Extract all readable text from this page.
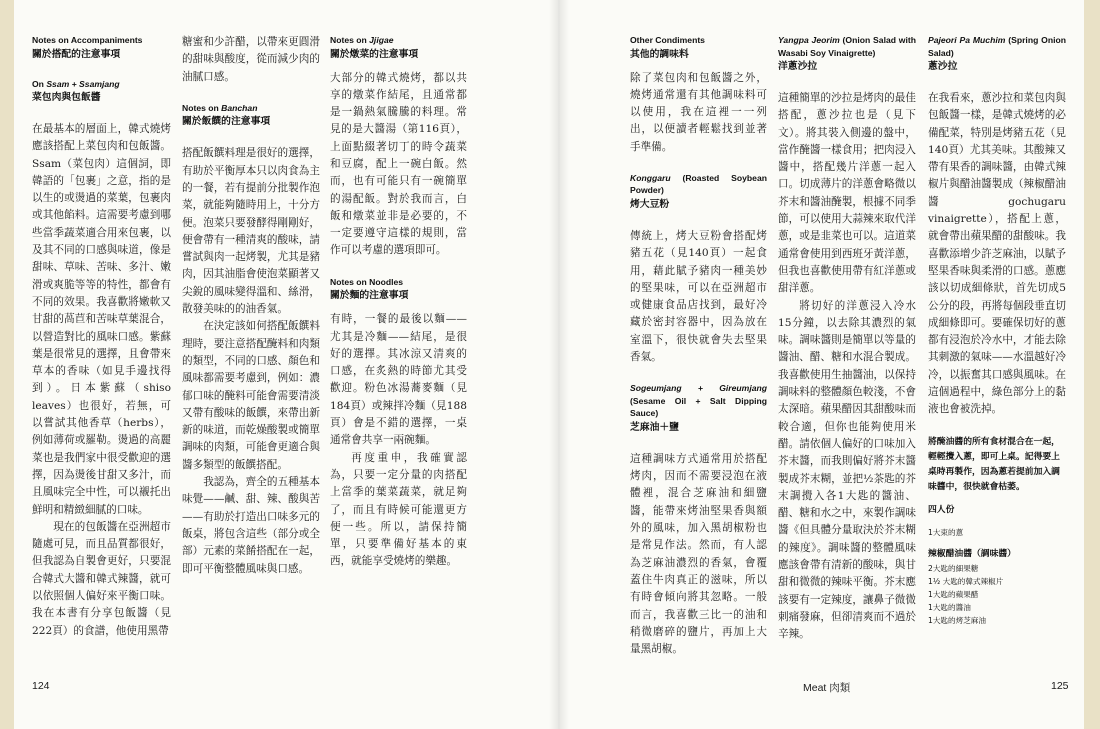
Notes on Accompaniments
關於搭配的注意事項
On Ssam + Ssamjang
菜包肉與包飯醬

在最基本的層面上，韓式燒烤應該搭配上菜包肉和包飯醬。Ssam（菜包肉）這個詞，即韓語的「包裹」之意，指的是以生的或燙過的菜葉，包裹肉或其他餡料。這需要考慮到哪些當季蔬菜適合用來包裹，以及其不同的口感與味道，像是甜味、草味、苦味、多汁、嫩滑或爽脆等等的特性，都會有不同的效果。我喜歡將嫩軟又甘甜的萵苣和苦味草葉混合，以營造對比的風味口感。紫蘇葉是很常見的選擇，且會帶來草本的香味（如見手邊找得到）。日本紫蘇（shiso leaves）也很好，若無，可以嘗試其他香草（herbs），例如薄荷或羅勒。燙過的高麗菜也是我們家中很受歡迎的選擇，因為燙後甘甜又多汁，而且風味完全中性，可以襯托出鮮明和精緻細膩的口味。

現在的包飯醬在亞洲超市隨處可見，而且品質都很好，但我認為自製會更好，只要混合韓式大醬和韓式辣醬，就可以依照個人偏好來平衡口味。我在本書有分享包飯醬（見222頁）的食譜，他使用黑帶

糖蜜和少許醋，以帶來更圓滑的甜味與酸度，從而減少肉的油膩口感。

Notes on Banchan
關於飯饌的注意事項

搭配飯饌料理是很好的選擇，有助於平衡厚本只以肉食為主的一餐，若有提前分批製作泡菜，就能夠隨時用上，十分方便。泡菜只要發酵得剛剛好，便會帶有一種清爽的酸味，請嘗試與肉一起烤製，尤其是豬肉，因其油脂會使泡菜顯著又尖銳的風味變得溫和、絲滑，散發美味的的油香氣。

在決定該如何搭配飯饌料理時，要注意搭配醃料和肉類的類型，不同的口感、顏色和風味都需要考慮到，例如：濃郁口味的醃料可能會需要清淡又帶有酸味的飯饌，來帶出新新的味道，而乾燥酸製或簡單調味的肉類，可能會更適合與醬多類型的飯饌搭配。

我認為，齊全的五種基本味覺——鹹、甜、辣、酸與苦——有助於打造出口味多元的飯桌，將包含這些（部分或全部）元素的菜餚搭配在一起，即可平衡整體風味與口感。

Notes on Jjigae
關於燉菜的注意事項

大部分的韓式燒烤，都以共享的燉菜作結尾，且通常都是一鍋熱氣騰騰的料理。常見的是大醬湯（第116頁），上面點綴著切丁的時令蔬菜和豆腐，配上一碗白飯。然而，也有可能只有一碗簡單的湯配飯。對於我而言，白飯和燉菜並非是必要的，不一定要遵守這樣的規則，當作可以考慮的選項即可。

Notes on Noodles
關於麵的注意事項

有時，一餐的最後以麵——尤其是冷麵——結尾，是很好的選擇。其冰涼又清爽的口感，在炙熱的時節尤其受歡迎。粉色冰湯蕎麥麵（見184頁）或辣拌冷麵（見188頁）會是不錯的選擇，一桌通常會共享一兩碗麵。

再度重申，我確實認為，只要一定分量的肉搭配上當季的葉菜蔬菜，就足夠了，而且有時候可能還更方便一些。所以，請保持簡單，只要準備好基本的東西，就能享受燒烤的樂趣。

Other Condiments
其他的調味料

除了菜包肉和包飯醬之外，燒烤通常還有其他調味料可以使用，我在這裡一一列出，以便讀者輕鬆找到並著手準備。

Konggaru (Roasted Soybean Powder)
烤大豆粉

傳統上，烤大豆粉會搭配烤豬五花（見140頁）一起食用，藉此賦予豬肉一種美妙的堅果味，可以在亞洲超市或健康食品店找到，最好冷藏於密封容器中，因為放在室溫下，很快就會失去堅果香氣。

Sogeumjang + Gireumjang (Sesame Oil + Salt Dipping Sauce)
芝麻油＋鹽

這種調味方式通常用於搭配烤肉，因而不需要浸泡在液體裡，混合芝麻油和細鹽醬，能帶來烤油堅果香與額外的風味，加入黑胡椒粉也是常見作法。然而，有人認為芝麻油濃烈的香氣，會覆蓋住牛肉真正的滋味，所以有時會傾向將其忽略。一般而言，我喜歡三比一的油和稍微磨碎的鹽片，再加上大量黑胡椒。

Yangpa Jeorim (Onion Salad with Wasabi Soy Vinaigrette)
洋蔥沙拉

這種簡單的沙拉是烤肉的最佳搭配，蔥沙拉也是（見下文）。將其裝入側邊的盤中，當作醃醬一樣食用；把肉浸入醬中，搭配幾片洋蔥一起入口。切成薄片的洋蔥會略微以芥末和醬油醃製，根據不同季節，可以使用大蒜辣來取代洋蔥，或是韭菜也可以。這道菜通常會使用到西班牙黃洋蔥，但我也喜歡使用帶有紅洋蔥或甜洋蔥。

將切好的洋蔥浸入冷水15分鐘，以去除其濃烈的氣味。調味醬則是簡單以等量的醬油、醋、糖和水混合製成。我喜歡使用生抽醬油，以保持調味料的整體顏色較淺，不會太深暗。蘋果醋因其甜酸味而較合適，但你也能夠使用米醋。請依個人偏好的口味加入芥末醬，而我則偏好將芥末醬製成芥末糊，並把½茶匙的芥末調攪入各1大匙的醬油、醋、糖和水之中，來製作調味醬《但具體分量取決於芥末糊的辣度》。調味醬的整體風味應該會帶有清新的酸味，與甘甜和微微的辣味平衡。芥末應該要有一定辣度，讓鼻子微微刺痛發麻，但卻清爽而不過於辛辣。

Pajeori Pa Muchim (Spring Onion Salad)
蔥沙拉

在我看來，蔥沙拉和菜包肉與包飯醬一樣，是韓式燒烤的必備配菜，特別是烤豬五花（見140頁）尤其美味。其酸辣又帶有果香的調味醬，由韓式辣椒片與醋油醬製成（辣椒醋油醬gochugaru vinaigrette），搭配上蔥，就會帶出蘋果醋的甜酸味。我喜歡添增少許芝麻油，以賦予堅果香味與柔滑的口感。蔥應該以切成細條狀，首先切成5公分的段，再將每個段垂直切成細條即可。要確保切好的蔥都有浸泡於冷水中，才能去除其刺激的氣味——水溫越好冷冷，以振奮其口感與風味。在這個過程中，綠色部分上的黏液也會被洗掉。

將醃油醬的所有食材混合在一起，輕輕攪入蔥，即可上桌。記得要上桌時再製作，因為蔥若提前加入調味醬中，很快就會枯萎。

四人份
1大束的蔥
辣椒醋油醬（調味醬）
2大匙的細果糖
1½ 大匙的韓式辣椒片
1大匙的蘋果醋
1大匙的醬油
1大匙的烤芝麻油
124	Meat 肉類	125
